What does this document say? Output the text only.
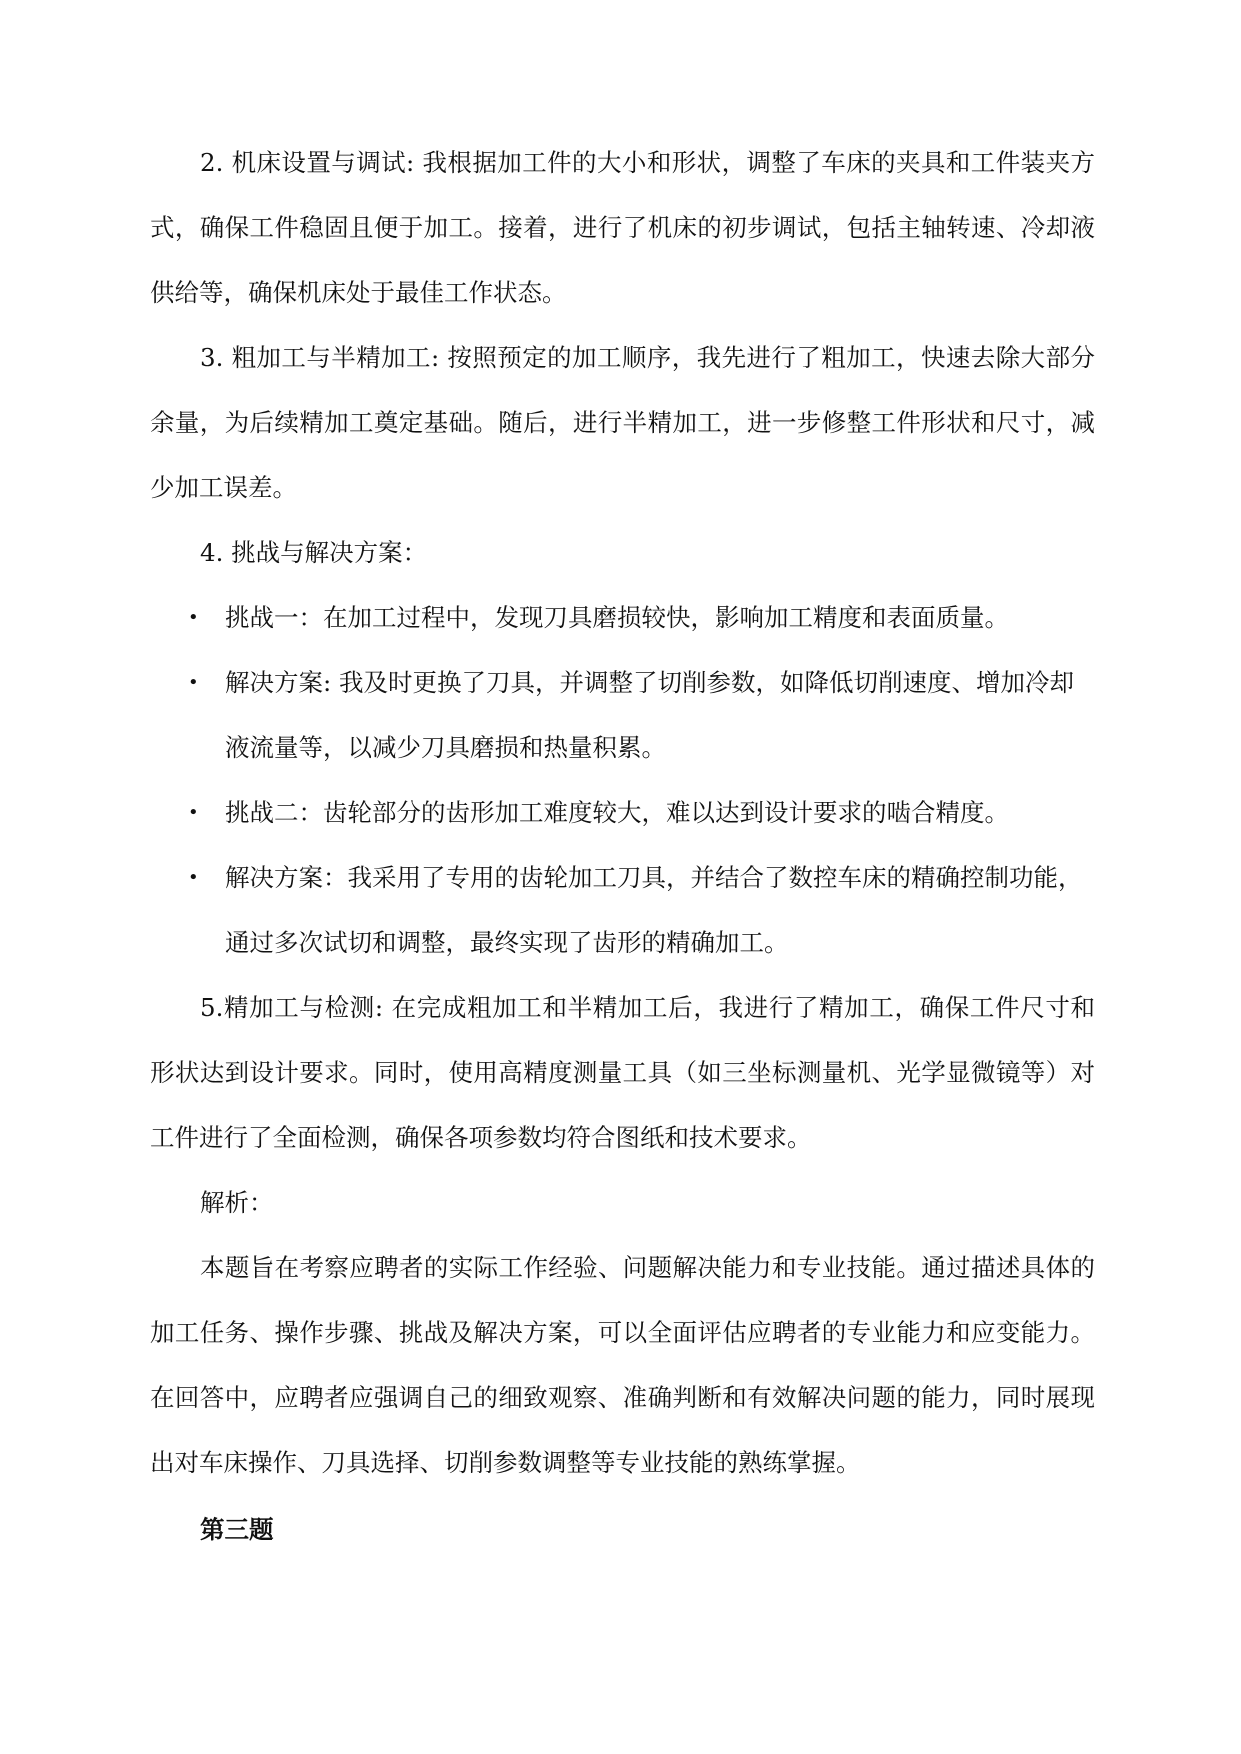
2. 机床设置与调试: 我根据加工件的大小和形状，调整了车床的夹具和工件装夹方式，确保工件稳固且便于加工。接着，进行了机床的初步调试，包括主轴转速、冷却液供给等，确保机床处于最佳工作状态。

3. 粗加工与半精加工: 按照预定的加工顺序，我先进行了粗加工，快速去除大部分余量，为后续精加工奠定基础。随后，进行半精加工，进一步修整工件形状和尺寸，减少加工误差。

4. 挑战与解决方案：

• 挑战一：在加工过程中，发现刀具磨损较快，影响加工精度和表面质量。
• 解决方案: 我及时更换了刀具，并调整了切削参数，如降低切削速度、增加冷却液流量等，以减少刀具磨损和热量积累。
• 挑战二：齿轮部分的齿形加工难度较大，难以达到设计要求的啮合精度。
• 解决方案：我采用了专用的齿轮加工刀具，并结合了数控车床的精确控制功能，通过多次试切和调整，最终实现了齿形的精确加工。

5.精加工与检测: 在完成粗加工和半精加工后，我进行了精加工，确保工件尺寸和形状达到设计要求。同时，使用高精度测量工具（如三坐标测量机、光学显微镜等）对工件进行了全面检测，确保各项参数均符合图纸和技术要求。

解析：

本题旨在考察应聘者的实际工作经验、问题解决能力和专业技能。通过描述具体的加工任务、操作步骤、挑战及解决方案，可以全面评估应聘者的专业能力和应变能力。在回答中，应聘者应强调自己的细致观察、准确判断和有效解决问题的能力，同时展现出对车床操作、刀具选择、切削参数调整等专业技能的熟练掌握。

第三题
